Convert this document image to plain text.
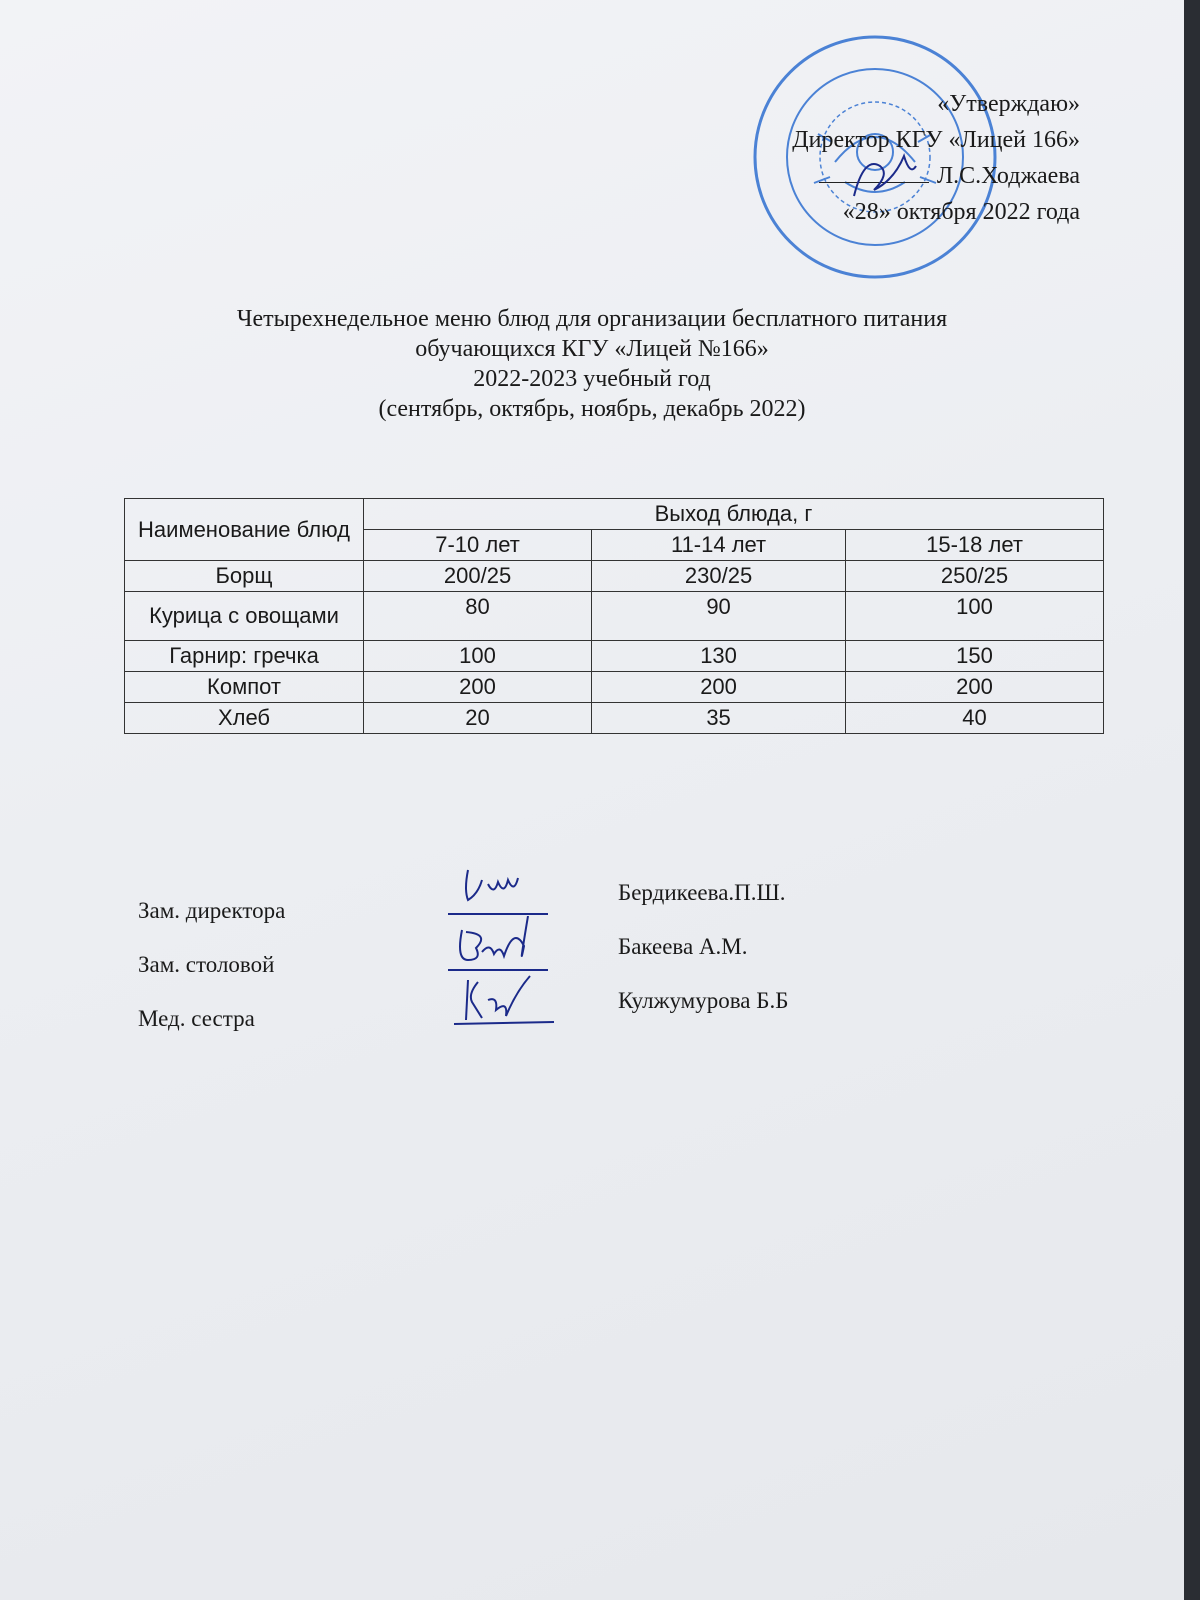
«Утверждаю»
Директор КГУ «Лицей 166»
Л.С.Ходжаева
«28» октября 2022 года
Четырехнедельное меню блюд для организации бесплатного питания
обучающихся КГУ «Лицей №166»
2022-2023 учебный год
(сентябрь, октябрь, ноябрь, декабрь 2022)
Наименование блюд	Выход блюда, г		
	7-10 лет	11-14 лет	15-18 лет
Борщ	200/25	230/25	250/25
Курица с овощами	80	90	100
Гарнир: гречка	100	130	150
Компот	200	200	200
Хлеб	20	35	40
Зам. директора
Бердикеева.П.Ш.
Зам. столовой
Бакеева А.М.
Мед. сестра
Кулжумурова Б.Б
